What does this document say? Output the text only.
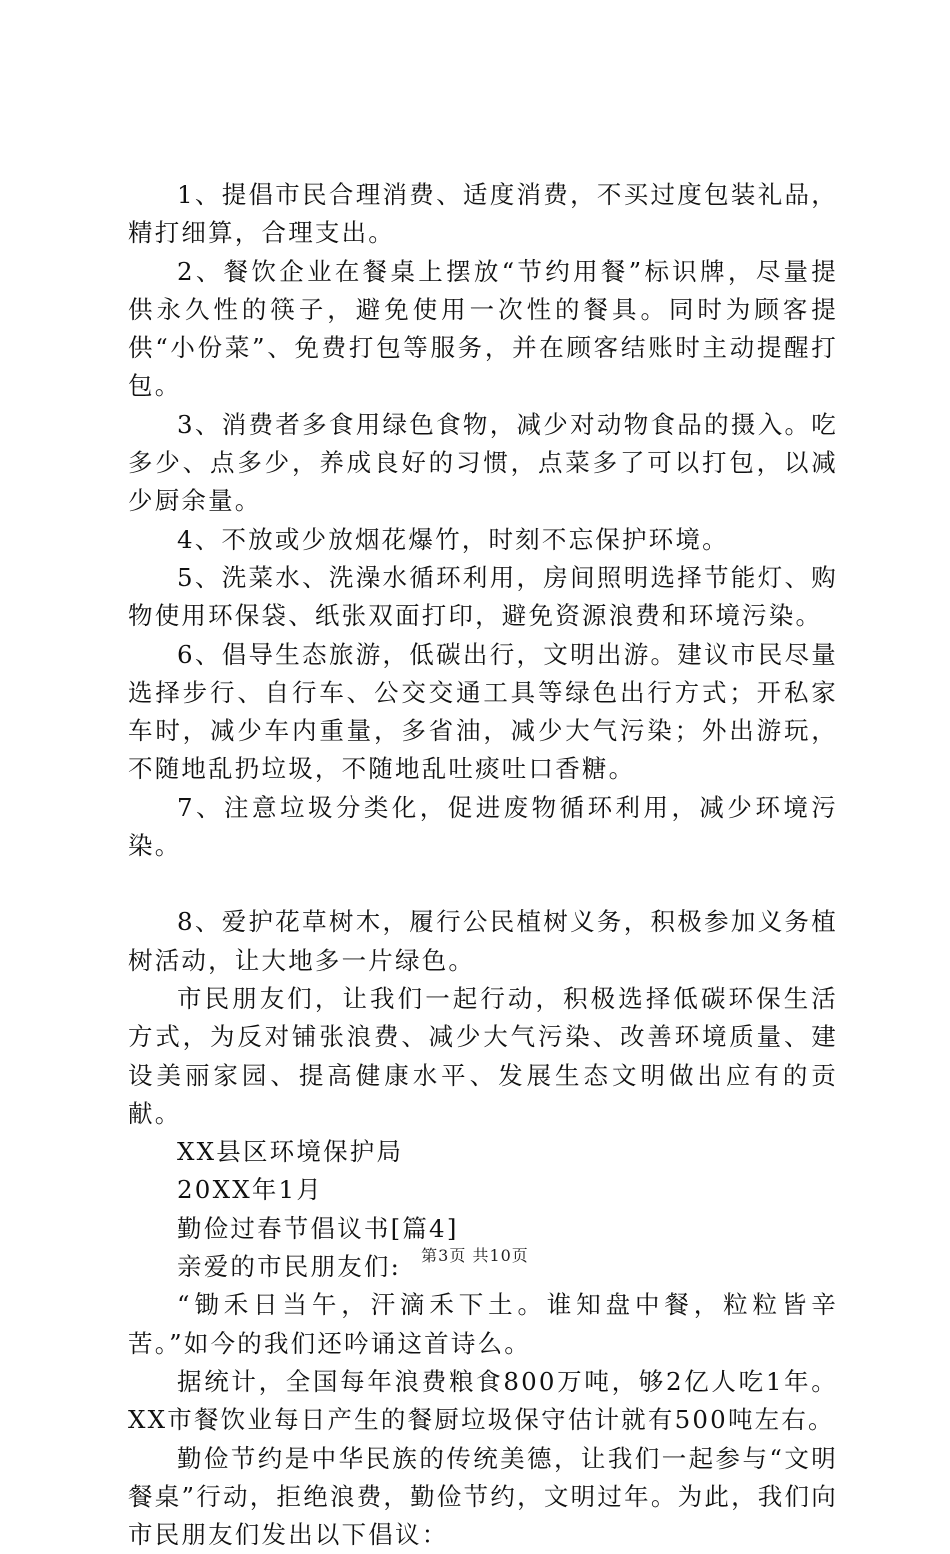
1、提倡市民合理消费、适度消费，不买过度包装礼品，精打细算，合理支出。

2、餐饮企业在餐桌上摆放“节约用餐”标识牌，尽量提供永久性的筷子，避免使用一次性的餐具。同时为顾客提供“小份菜”、免费打包等服务，并在顾客结账时主动提醒打包。

3、消费者多食用绿色食物，减少对动物食品的摄入。吃多少、点多少，养成良好的习惯，点菜多了可以打包，以减少厨余量。

4、不放或少放烟花爆竹，时刻不忘保护环境。

5、洗菜水、洗澡水循环利用，房间照明选择节能灯、购物使用环保袋、纸张双面打印，避免资源浪费和环境污染。

6、倡导生态旅游，低碳出行，文明出游。建议市民尽量选择步行、自行车、公交交通工具等绿色出行方式；开私家车时，减少车内重量，多省油，减少大气污染；外出游玩，不随地乱扔垃圾，不随地乱吐痰吐口香糖。

7、注意垃圾分类化，促进废物循环利用，减少环境污染。

8、爱护花草树木，履行公民植树义务，积极参加义务植树活动，让大地多一片绿色。

市民朋友们，让我们一起行动，积极选择低碳环保生活方式，为反对铺张浪费、减少大气污染、改善环境质量、建设美丽家园、提高健康水平、发展生态文明做出应有的贡献。

XX县区环境保护局

20XX年1月

勤俭过春节倡议书[篇4]

亲爱的市民朋友们:

“锄禾日当午，汗滴禾下土。谁知盘中餐，粒粒皆辛苦。”如今的我们还吟诵这首诗么。

据统计，全国每年浪费粮食800万吨，够2亿人吃1年。XX市餐饮业每日产生的餐厨垃圾保守估计就有500吨左右。

勤俭节约是中华民族的传统美德，让我们一起参与“文明餐桌”行动，拒绝浪费，勤俭节约，文明过年。为此，我们向市民朋友们发出以下倡议：

第3页 共10页
